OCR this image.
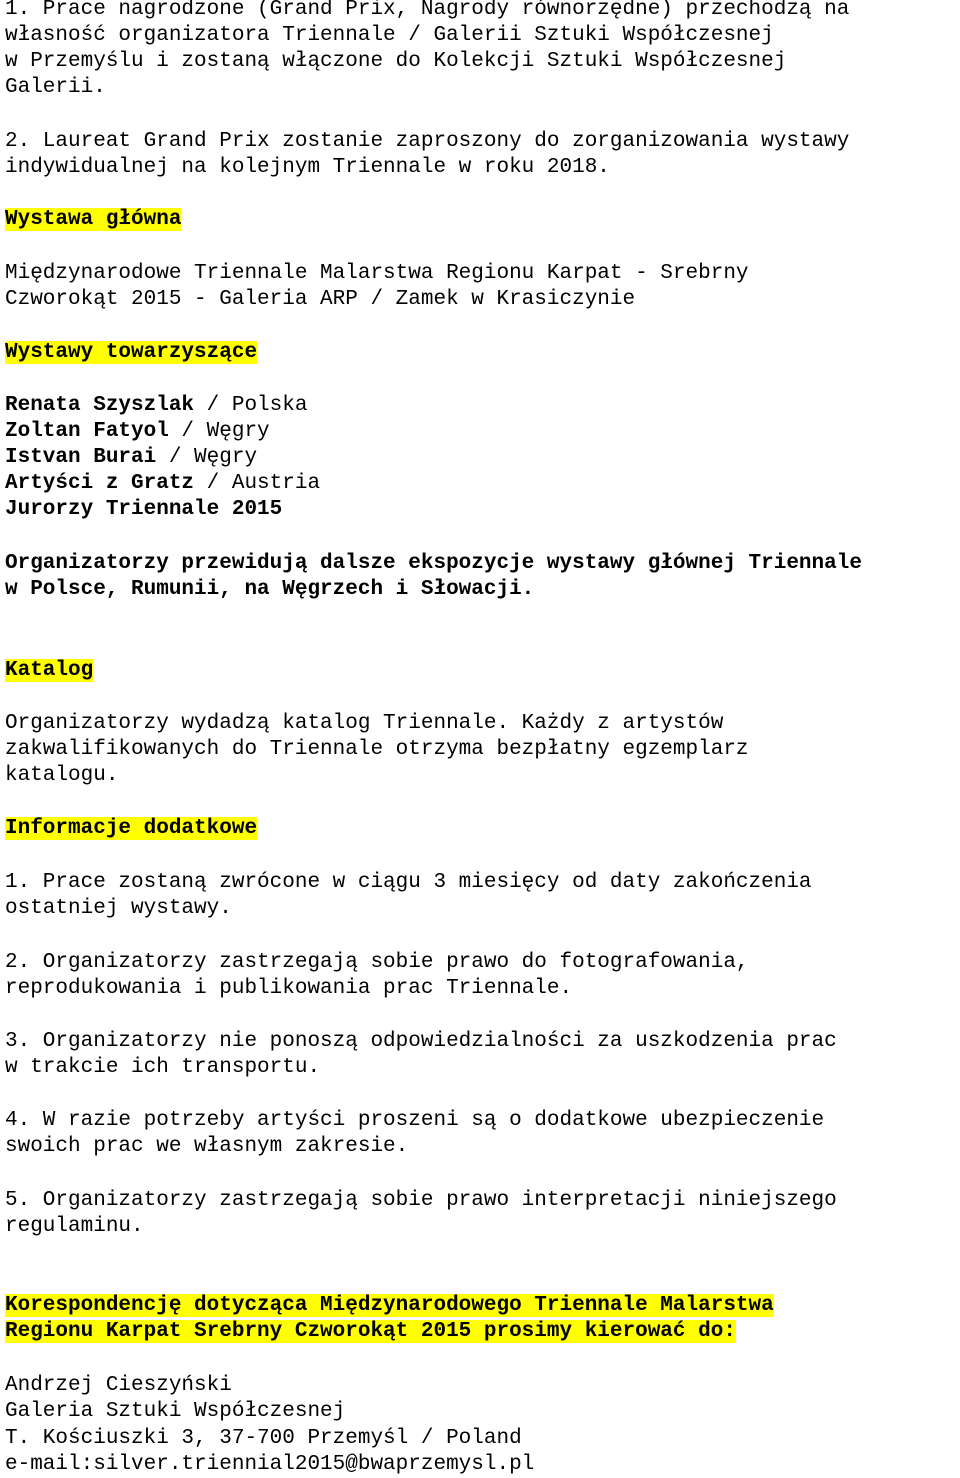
1. Prace nagrodzone (Grand Prix, Nagrody równorzędne) przechodzą na
własność organizatora Triennale / Galerii Sztuki Współczesnej
w Przemyślu i zostaną włączone do Kolekcji Sztuki Współczesnej
Galerii.
2. Laureat Grand Prix zostanie zaproszony do zorganizowania wystawy
indywidualnej na kolejnym Triennale w roku 2018.
Wystawa główna
Międzynarodowe Triennale Malarstwa Regionu Karpat - Srebrny
Czworokąt 2015 - Galeria ARP / Zamek w Krasiczynie
Wystawy towarzyszące
Renata Szyszlak / Polska
Zoltan Fatyol / Węgry
Istvan Burai / Węgry
Artyści z Gratz / Austria
Jurorzy Triennale 2015
Organizatorzy przewidują dalsze ekspozycje wystawy głównej Triennale
w Polsce, Rumunii, na Węgrzech i Słowacji.
Katalog
Organizatorzy wydadzą katalog Triennale. Każdy z artystów
zakwalifikowanych do Triennale otrzyma bezpłatny egzemplarz
katalogu.
Informacje dodatkowe
1. Prace zostaną zwrócone w ciągu 3 miesięcy od daty zakończenia
ostatniej wystawy.
2. Organizatorzy zastrzegają sobie prawo do fotografowania,
reprodukowania i publikowania prac Triennale.
3. Organizatorzy nie ponoszą odpowiedzialności za uszkodzenia prac
w trakcie ich transportu.
4. W razie potrzeby artyści proszeni są o dodatkowe ubezpieczenie
swoich prac we własnym zakresie.
5. Organizatorzy zastrzegają sobie prawo interpretacji niniejszego
regulaminu.
Korespondencję dotycząca Międzynarodowego Triennale Malarstwa
Regionu Karpat Srebrny Czworokąt 2015 prosimy kierować do:
Andrzej Cieszyński
Galeria Sztuki Współczesnej
T. Kościuszki 3, 37-700 Przemyśl / Poland
e-mail:silver.triennial2015@bwaprzemysl.pl
